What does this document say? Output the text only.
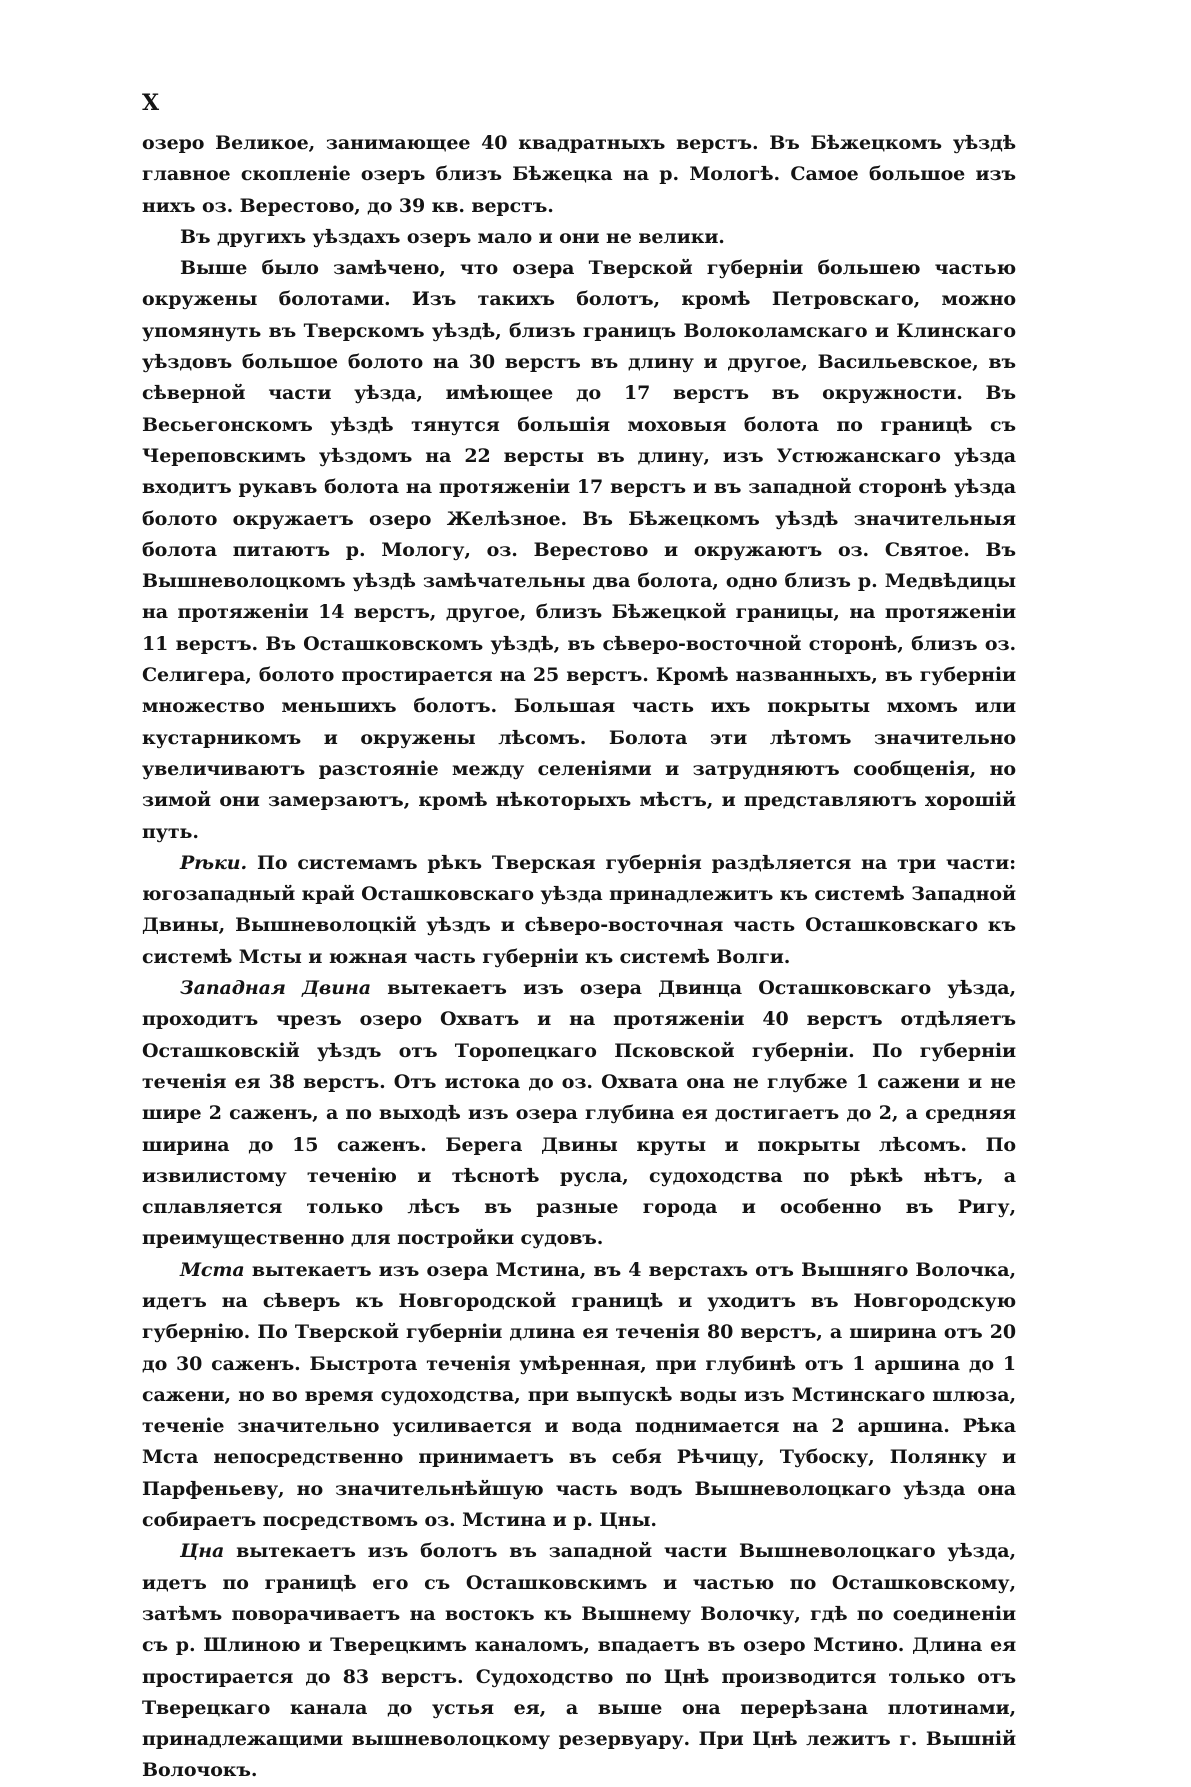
X

озеро Великое, занимающее 40 квадратныхъ верстъ. Въ Бѣжецкомъ уѣздѣ главное скопленіе озеръ близъ Бѣжецка на р. Мологѣ. Самое большое изъ нихъ оз. Верестово, до 39 кв. верстъ.

Въ другихъ уѣздахъ озеръ мало и они не велики.

Выше было замѣчено, что озера Тверской губерніи большею частью окружены болотами. Изъ такихъ болотъ, кромѣ Петровскаго, можно упомянуть въ Тверскомъ уѣздѣ, близъ границъ Волоколамскаго и Клинскаго уѣздовъ большое болото на 30 верстъ въ длину и другое, Васильевское, въ сѣверной части уѣзда, имѣющее до 17 верстъ въ окружности. Въ Весьегонскомъ уѣздѣ тянутся большія моховыя болота по границѣ съ Череповскимъ уѣздомъ на 22 версты въ длину, изъ Устюжанскаго уѣзда входитъ рукавъ болота на протяженіи 17 верстъ и въ западной сторонѣ уѣзда болото окружаетъ озеро Желѣзное. Въ Бѣжецкомъ уѣздѣ значительныя болота питаютъ р. Мологу, оз. Верестово и окружаютъ оз. Святое. Въ Вышневолоцкомъ уѣздѣ замѣчательны два болота, одно близъ р. Медвѣдицы на протяженіи 14 верстъ, другое, близъ Бѣжецкой границы, на протяженіи 11 верстъ. Въ Осташковскомъ уѣздѣ, въ сѣверо-восточной сторонѣ, близъ оз. Селигера, болото простирается на 25 верстъ. Кромѣ названныхъ, въ губерніи множество меньшихъ болотъ. Большая часть ихъ покрыты мхомъ или кустарникомъ и окружены лѣсомъ. Болота эти лѣтомъ значительно увеличиваютъ разстояніе между селеніями и затрудняютъ сообщенія, но зимой они замерзаютъ, кромѣ нѣкоторыхъ мѣстъ, и представляютъ хорошій путь.

Рѣки. По системамъ рѣкъ Тверская губернія раздѣляется на три части: югозападный край Осташковскаго уѣзда принадлежитъ къ системѣ Западной Двины, Вышневолоцкій уѣздъ и сѣверо-восточная часть Осташковскаго къ системѣ Мсты и южная часть губерніи къ системѣ Волги.

Западная Двина вытекаетъ изъ озера Двинца Осташковскаго уѣзда, проходитъ чрезъ озеро Охватъ и на протяженіи 40 верстъ отдѣляетъ Осташковскій уѣздъ отъ Торопецкаго Псковской губерніи. По губерніи теченія ея 38 верстъ. Отъ истока до оз. Охвата она не глубже 1 сажени и не шире 2 саженъ, а по выходѣ изъ озера глубина ея достигаетъ до 2, а средняя ширина до 15 саженъ. Берега Двины круты и покрыты лѣсомъ. По извилистому теченію и тѣснотѣ русла, судоходства по рѣкѣ нѣтъ, а сплавляется только лѣсъ въ разные города и особенно въ Ригу, преимущественно для постройки судовъ.

Мста вытекаетъ изъ озера Мстина, въ 4 верстахъ отъ Вышняго Волочка, идетъ на сѣверъ къ Новгородской границѣ и уходитъ въ Новгородскую губернію. По Тверской губерніи длина ея теченія 80 верстъ, а ширина отъ 20 до 30 саженъ. Быстрота теченія умѣренная, при глубинѣ отъ 1 аршина до 1 сажени, но во время судоходства, при выпускѣ воды изъ Мстинскаго шлюза, теченіе значительно усиливается и вода поднимается на 2 аршина. Рѣка Мста непосредственно принимаетъ въ себя Рѣчицу, Тубоску, Полянку и Парфеньеву, но значительнѣйшую часть водъ Вышневолоцкаго уѣзда она собираетъ посредствомъ оз. Мстина и р. Цны.

Цна вытекаетъ изъ болотъ въ западной части Вышневолоцкаго уѣзда, идетъ по границѣ его съ Осташковскимъ и частью по Осташковскому, затѣмъ поворачиваетъ на востокъ къ Вышнему Волочку, гдѣ по соединеніи съ р. Шлиною и Тверецкимъ каналомъ, впадаетъ въ озеро Мстино. Длина ея простирается до 83 верстъ. Судоходство по Цнѣ производится только отъ Тверецкаго канала до устья ея, а выше она перерѣзана плотинами, принадлежащими вышневолоцкому резервуару. При Цнѣ лежитъ г. Вышній Волочокъ.
